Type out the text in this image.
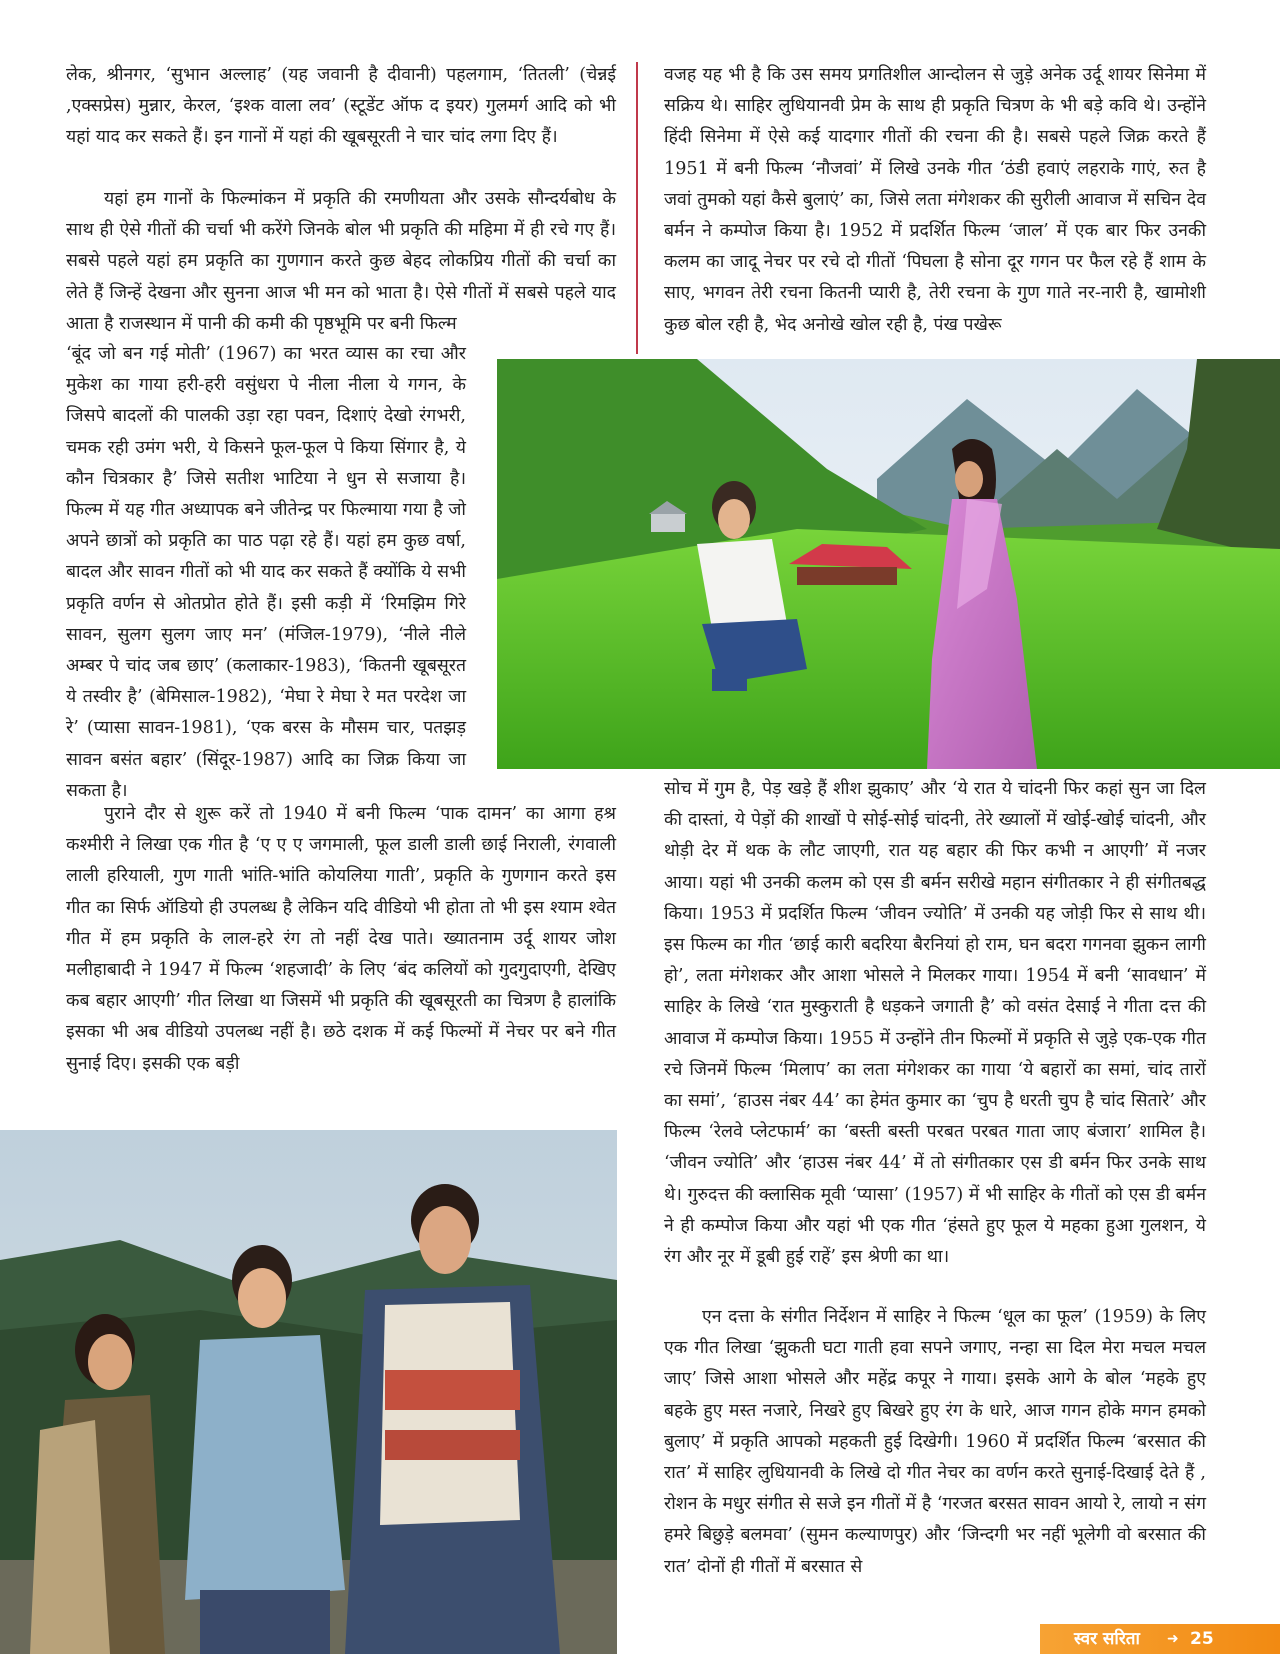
लेक, श्रीनगर, ‘सुभान अल्लाह’ (यह जवानी है दीवानी) पहलगाम, ‘तितली’ (चेन्नई ,एक्सप्रेस) मुन्नार, केरल, ‘इश्क वाला लव’ (स्टूडेंट ऑफ द इयर) गुलमर्ग आदि को भी यहां याद कर सकते हैं। इन गानों में यहां की खूबसूरती ने चार चांद लगा दिए हैं।

यहां हम गानों के फिल्मांकन में प्रकृति की रमणीयता और उसके सौन्दर्यबोध के साथ ही ऐसे गीतों की चर्चा भी करेंगे जिनके बोल भी प्रकृति की महिमा में ही रचे गए हैं। सबसे पहले यहां हम प्रकृति का गुणगान करते कुछ बेहद लोकप्रिय गीतों की चर्चा का लेते हैं जिन्हें देखना और सुनना आज भी मन को भाता है। ऐसे गीतों में सबसे पहले याद आता है राजस्थान में पानी की कमी की पृष्ठभूमि पर बनी फिल्म

‘बूंद जो बन गई मोती’ (1967) का भरत व्यास का रचा और मुकेश का गाया हरी-हरी वसुंधरा पे नीला नीला ये गगन, के जिसपे बादलों की पालकी उड़ा रहा पवन, दिशाएं देखो रंगभरी, चमक रही उमंग भरी, ये किसने फूल-फूल पे किया सिंगार है, ये कौन चित्रकार है’ जिसे सतीश भाटिया ने धुन से सजाया है। फिल्म में यह गीत अध्यापक बने जीतेन्द्र पर फिल्माया गया है जो अपने छात्रों को प्रकृति का पाठ पढ़ा रहे हैं। यहां हम कुछ वर्षा, बादल और सावन गीतों को भी याद कर सकते हैं क्योंकि ये सभी प्रकृति वर्णन से ओतप्रोत होते हैं। इसी कड़ी में ‘रिमझिम गिरे सावन, सुलग सुलग जाए मन’ (मंजिल-1979), ‘नीले नीले अम्बर पे चांद जब छाए’ (कलाकार-1983), ‘कितनी खूबसूरत ये तस्वीर है’ (बेमिसाल-1982), ‘मेघा रे मेघा रे मत परदेश जा रे’ (प्यासा सावन-1981), ‘एक बरस के मौसम चार, पतझड़ सावन बसंत बहार’ (सिंदूर-1987) आदि का जिक्र किया जा सकता है।

पुराने दौर से शुरू करें तो 1940 में बनी फिल्म ‘पाक दामन’ का आगा हश्र कश्मीरी ने लिखा एक गीत है ‘ए ए ए जगमाली, फूल डाली डाली छाई निराली, रंगवाली लाली हरियाली, गुण गाती भांति-भांति कोयलिया गाती’, प्रकृति के गुणगान करते इस गीत का सिर्फ ऑडियो ही उपलब्ध है लेकिन यदि वीडियो भी होता तो भी इस श्याम श्वेत गीत में हम प्रकृति के लाल-हरे रंग तो नहीं देख पाते। ख्यातनाम उर्दू शायर जोश मलीहाबादी ने 1947 में फिल्म ‘शहजादी’ के लिए ‘बंद कलियों को गुदगुदाएगी, देखिए कब बहार आएगी’ गीत लिखा था जिसमें भी प्रकृति की खूबसूरती का चित्रण है हालांकि इसका भी अब वीडियो उपलब्ध नहीं है। छठे दशक में कई फिल्मों में नेचर पर बने गीत सुनाई दिए। इसकी एक बड़ी

वजह यह भी है कि उस समय प्रगतिशील आन्दोलन से जुड़े अनेक उर्दू शायर सिनेमा में सक्रिय थे। साहिर लुधियानवी प्रेम के साथ ही प्रकृति चित्रण के भी बड़े कवि थे। उन्होंने हिंदी सिनेमा में ऐसे कई यादगार गीतों की रचना की है। सबसे पहले जिक्र करते हैं 1951 में बनी फिल्म ‘नौजवां’ में लिखे उनके गीत ‘ठंडी हवाएं लहराके गाएं, रुत है जवां तुमको यहां कैसे बुलाएं’ का, जिसे लता मंगेशकर की सुरीली आवाज में सचिन देव बर्मन ने कम्पोज किया है। 1952 में प्रदर्शित फिल्म ‘जाल’ में एक बार फिर उनकी कलम का जादू नेचर पर रचे दो गीतों ‘पिघला है सोना दूर गगन पर फैल रहे हैं शाम के साए, भगवन तेरी रचना कितनी प्यारी है, तेरी रचना के गुण गाते नर-नारी है, खामोशी कुछ बोल रही है, भेद अनोखे खोल रही है, पंख पखेरू

सोच में गुम है, पेड़ खड़े हैं शीश झुकाए’ और ‘ये रात ये चांदनी फिर कहां सुन जा दिल की दास्तां, ये पेड़ों की शाखों पे सोई-सोई चांदनी, तेरे ख्यालों में खोई-खोई चांदनी, और थोड़ी देर में थक के लौट जाएगी, रात यह बहार की फिर कभी न आएगी’ में नजर आया। यहां भी उनकी कलम को एस डी बर्मन सरीखे महान संगीतकार ने ही संगीतबद्ध किया। 1953 में प्रदर्शित फिल्म ‘जीवन ज्योति’ में उनकी यह जोड़ी फिर से साथ थी। इस फिल्म का गीत ‘छाई कारी बदरिया बैरनियां हो राम, घन बदरा गगनवा झुकन लागी हो’, लता मंगेशकर और आशा भोसले ने मिलकर गाया। 1954 में बनी ‘सावधान’ में साहिर के लिखे ‘रात मुस्कुराती है धड़कने जगाती है’ को वसंत देसाई ने गीता दत्त की आवाज में कम्पोज किया। 1955 में उन्होंने तीन फिल्मों में प्रकृति से जुड़े एक-एक गीत रचे जिनमें फिल्म ‘मिलाप’ का लता मंगेशकर का गाया ‘ये बहारों का समां, चांद तारों का समां’, ‘हाउस नंबर 44’ का हेमंत कुमार का ‘चुप है धरती चुप है चांद सितारे’ और फिल्म ‘रेलवे प्लेटफार्म’ का ‘बस्ती बस्ती परबत परबत गाता जाए बंजारा’ शामिल है। ‘जीवन ज्योति’ और ‘हाउस नंबर 44’ में तो संगीतकार एस डी बर्मन फिर उनके साथ थे। गुरुदत्त की क्लासिक मूवी ‘प्यासा’ (1957) में भी साहिर के गीतों को एस डी बर्मन ने ही कम्पोज किया और यहां भी एक गीत ‘हंसते हुए फूल ये महका हुआ गुलशन, ये रंग और नूर में डूबी हुई राहें’ इस श्रेणी का था।

एन दत्ता के संगीत निर्देशन में साहिर ने फिल्म ‘धूल का फूल’ (1959) के लिए एक गीत लिखा ‘झुकती घटा गाती हवा सपने जगाए, नन्हा सा दिल मेरा मचल मचल जाए’ जिसे आशा भोसले और महेंद्र कपूर ने गाया। इसके आगे के बोल ‘महके हुए बहके हुए मस्त नजारे, निखरे हुए बिखरे हुए रंग के धारे, आज गगन होके मगन हमको बुलाए’ में प्रकृति आपको महकती हुई दिखेगी। 1960 में प्रदर्शित फिल्म ‘बरसात की रात’ में साहिर लुधियानवी के लिखे दो गीत नेचर का वर्णन करते सुनाई-दिखाई देते हैं , रोशन के मधुर संगीत से सजे इन गीतों में है ‘गरजत बरसत सावन आयो रे, लायो न संग हमरे बिछुड़े बलमवा’ (सुमन कल्याणपुर) और ‘जिन्दगी भर नहीं भूलेगी वो बरसात की रात’ दोनों ही गीतों में बरसात से

स्वर सरिता ➜ 25
